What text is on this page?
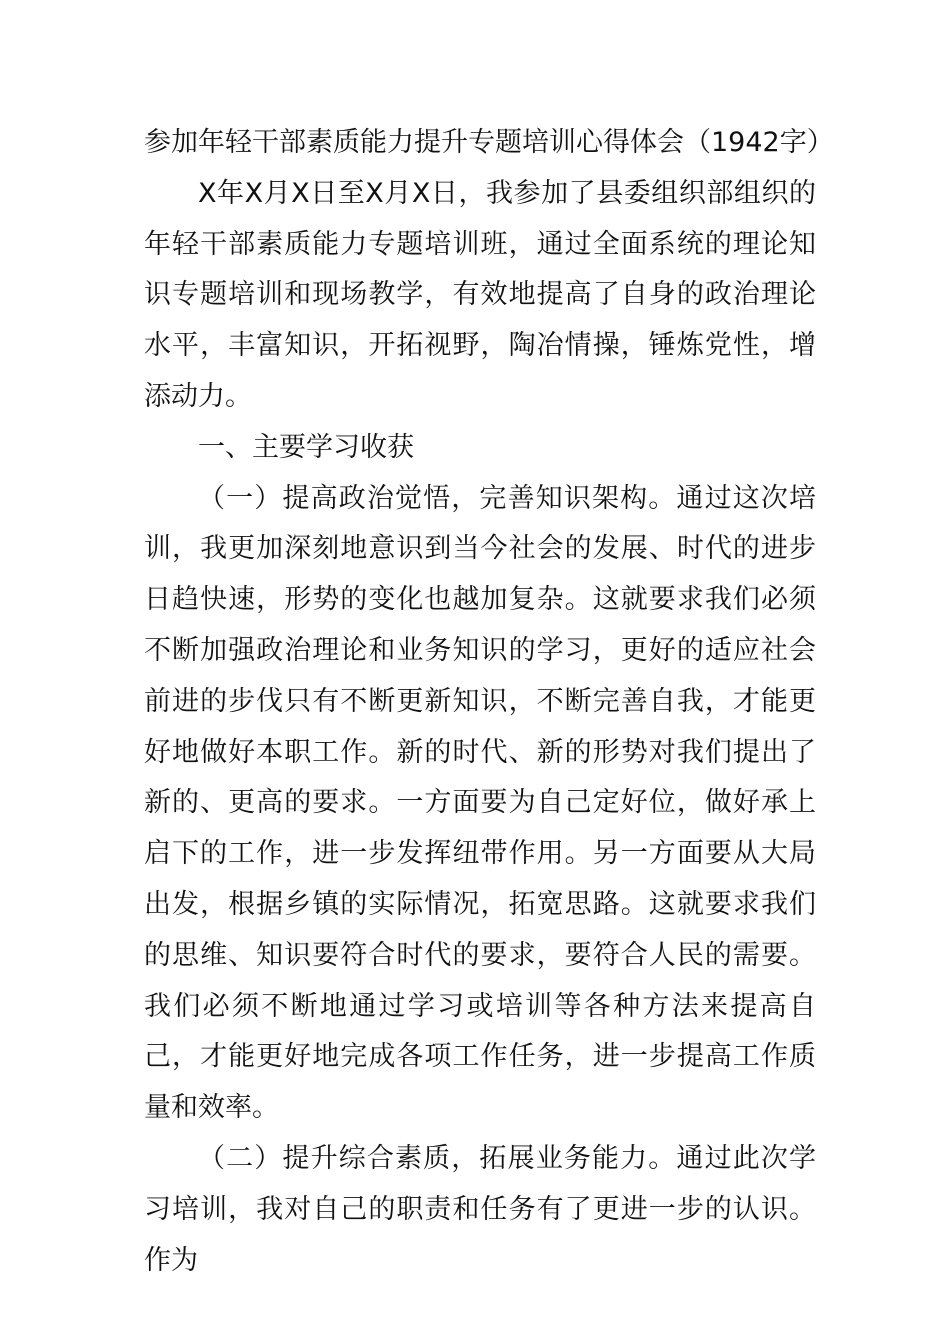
参加年轻干部素质能力提升专题培训心得体会（1942字）

X年X月X日至X月X日，我参加了县委组织部组织的年轻干部素质能力专题培训班，通过全面系统的理论知识专题培训和现场教学，有效地提高了自身的政治理论水平，丰富知识，开拓视野，陶冶情操，锤炼党性，增添动力。

一、主要学习收获

（一）提高政治觉悟，完善知识架构。通过这次培训，我更加深刻地意识到当今社会的发展、时代的进步日趋快速，形势的变化也越加复杂。这就要求我们必须不断加强政治理论和业务知识的学习，更好的适应社会前进的步伐只有不断更新知识，不断完善自我，才能更好地做好本职工作。新的时代、新的形势对我们提出了新的、更高的要求。一方面要为自己定好位，做好承上启下的工作，进一步发挥纽带作用。另一方面要从大局出发，根据乡镇的实际情况，拓宽思路。这就要求我们的思维、知识要符合时代的要求，要符合人民的需要。我们必须不断地通过学习或培训等各种方法来提高自己，才能更好地完成各项工作任务，进一步提高工作质量和效率。

（二）提升综合素质，拓展业务能力。通过此次学习培训，我对自己的职责和任务有了更进一步的认识。作为
